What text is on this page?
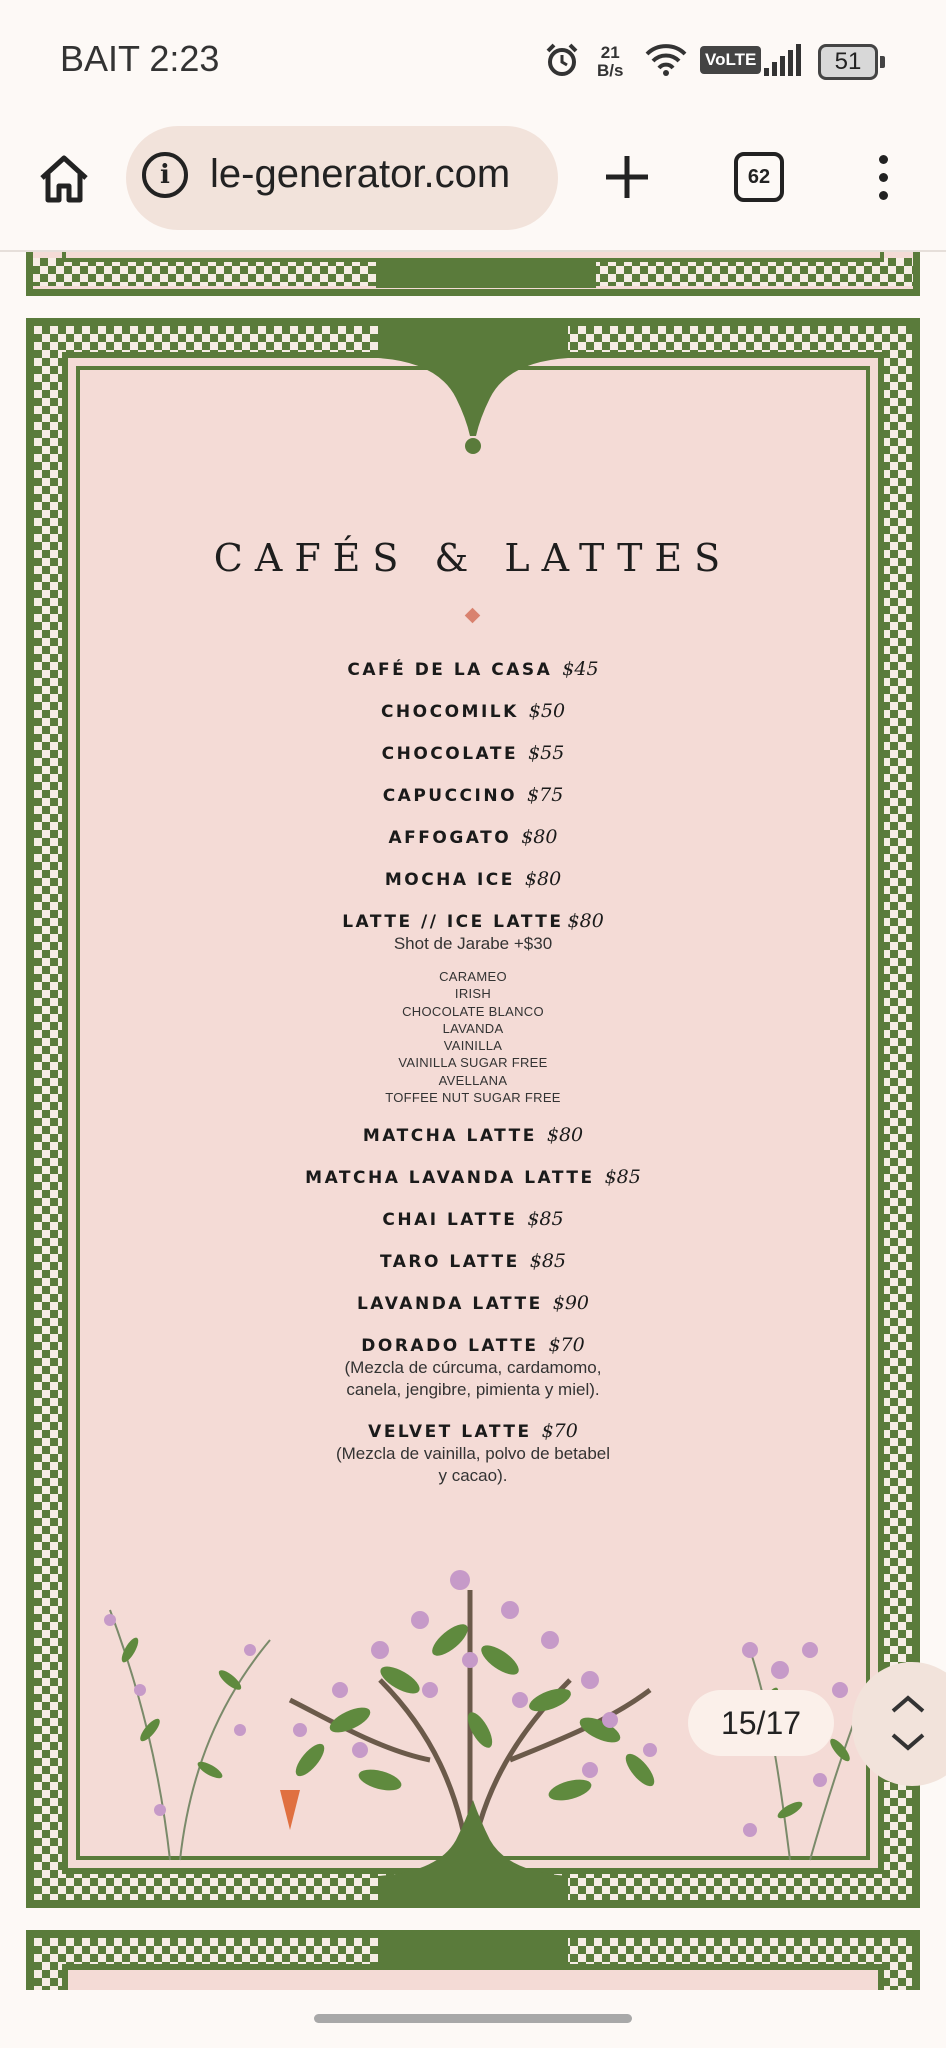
BAIT 2:23	21
B/s
VoLTE	51
i	le-generator.com	62
CAFÉS & LATTES
CAFÉ DE LA CASA $45
CHOCOMILK $50
CHOCOLATE $55
CAPUCCINO $75
AFFOGATO $80
MOCHA ICE $80
LATTE // ICE LATTE $80
Shot de Jarabe +$30
CARAMEO
IRISH
CHOCOLATE BLANCO
LAVANDA
VAINILLA
VAINILLA SUGAR FREE
AVELLANA
TOFFEE NUT SUGAR FREE
MATCHA LATTE $80
MATCHA LAVANDA LATTE $85
CHAI LATTE $85
TARO LATTE $85
LAVANDA LATTE $90
DORADO LATTE $70
(Mezcla de cúrcuma, cardamomo,
canela, jengibre, pimienta y miel).
VELVET LATTE $70
(Mezcla de vainilla, polvo de betabel
y cacao).
15/17
